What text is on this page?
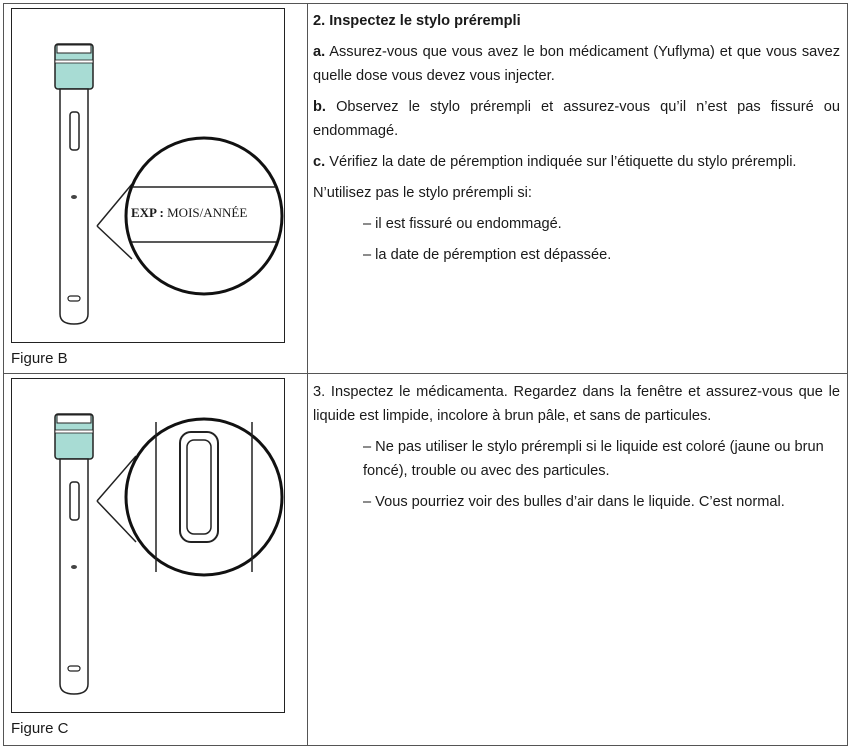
EXP : MOIS/ANNÉE
Figure B

2. Inspectez le stylo prérempli

a. Assurez-vous que vous avez le bon médicament (Yuflyma) et que vous savez quelle dose vous devez vous injecter.

b. Observez le stylo prérempli et assurez-vous qu’il n’est pas fissuré ou endommagé.

c. Vérifiez la date de péremption indiquée sur l’étiquette du stylo prérempli.

N’utilisez pas le stylo prérempli si:

– il est fissuré ou endommagé.

– la date de péremption est dépassée.

Figure C

3. Inspectez le médicamenta. Regardez dans la fenêtre et assurez-vous que le liquide est limpide, incolore à brun pâle, et sans de particules.

– Ne pas utiliser le stylo prérempli si le liquide est coloré (jaune ou brun foncé), trouble ou avec des particules.

– Vous pourriez voir des bulles d’air dans le liquide. C’est normal.
